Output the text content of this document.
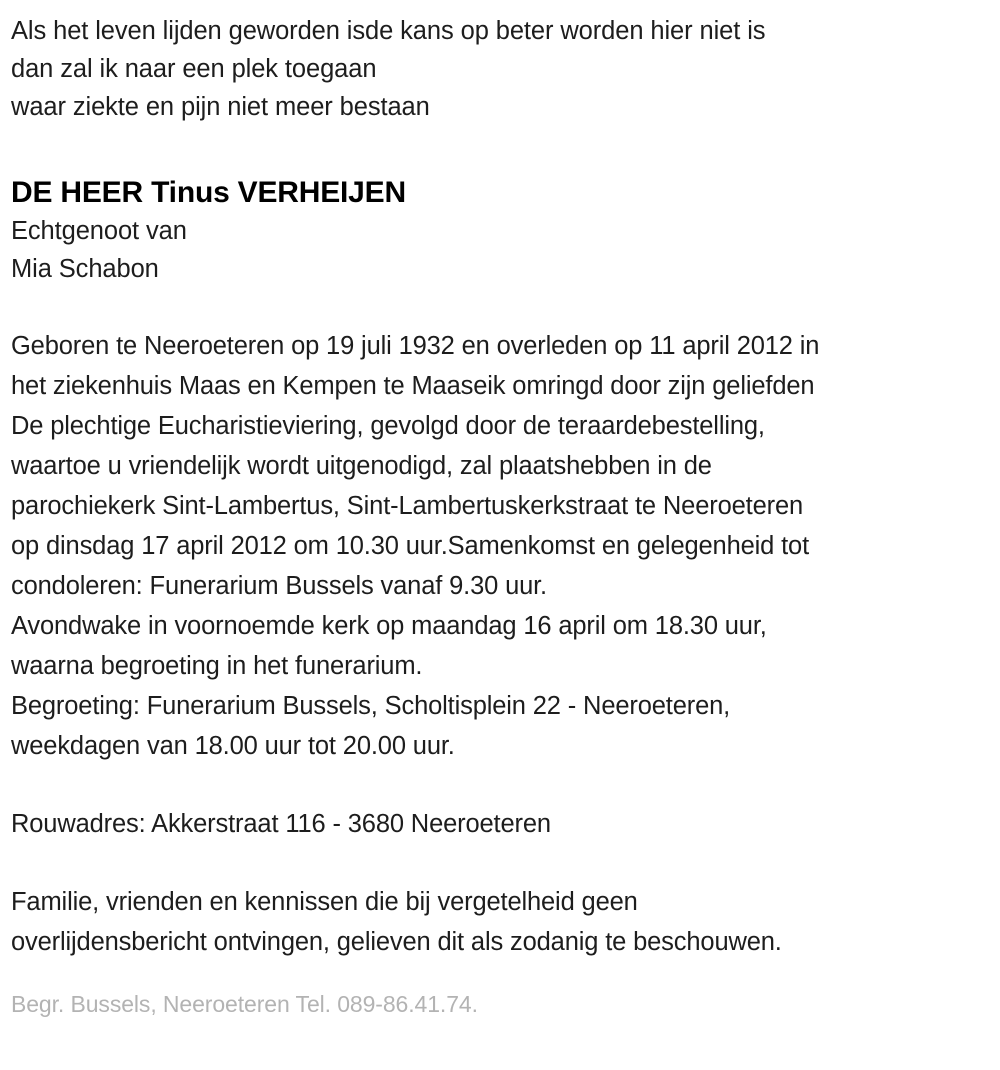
Als het leven lijden geworden isde kans op beter worden hier niet is
dan zal ik naar een plek toegaan
waar ziekte en pijn niet meer bestaan
DE HEER Tinus VERHEIJEN
Echtgenoot van
Mia Schabon
Geboren te Neeroeteren op 19 juli 1932 en overleden op 11 april 2012 in
het ziekenhuis Maas en Kempen te Maaseik omringd door zijn geliefden
De plechtige Eucharistieviering, gevolgd door de teraardebestelling,
waartoe u vriendelijk wordt uitgenodigd, zal plaatshebben in de
parochiekerk Sint-Lambertus, Sint-Lambertuskerkstraat te Neeroeteren
op dinsdag 17 april 2012 om 10.30 uur.Samenkomst en gelegenheid tot
condoleren: Funerarium Bussels vanaf 9.30 uur.
Avondwake in voornoemde kerk op maandag 16 april om 18.30 uur,
waarna begroeting in het funerarium.
Begroeting: Funerarium Bussels, Scholtisplein 22 - Neeroeteren,
weekdagen van 18.00 uur tot 20.00 uur.
Rouwadres: Akkerstraat 116 - 3680 Neeroeteren
Familie, vrienden en kennissen die bij vergetelheid geen
overlijdensbericht ontvingen, gelieven dit als zodanig te beschouwen.
Begr. Bussels, Neeroeteren Tel. 089-86.41.74.
